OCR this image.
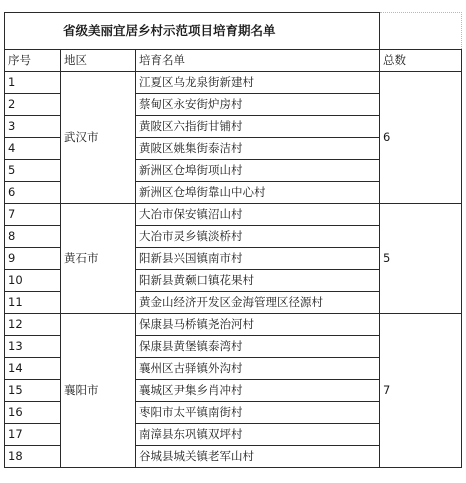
省级美丽宜居乡村示范项目培育期名单			
序号	地区	培育名单	总数
1	武汉市	江夏区乌龙泉街新建村	6
2		蔡甸区永安街炉房村	
3		黄陂区六指街甘铺村	
4		黄陂区姚集街泰洁村	
5		新洲区仓埠街项山村	
6		新洲区仓埠街靠山中心村	
7	黄石市	大冶市保安镇沼山村	5
8		大冶市灵乡镇淡桥村	
9		阳新县兴国镇南市村	
10		阳新县黄颡口镇花果村	
11		黄金山经济开发区金海管理区径源村	
12	襄阳市	保康县马桥镇尧治河村	7
13		保康县黄堡镇泰湾村	
14		襄州区古驿镇外沟村	
15		襄城区尹集乡肖冲村	
16		枣阳市太平镇南街村	
17		南漳县东巩镇双坪村	
18		谷城县城关镇老军山村	
